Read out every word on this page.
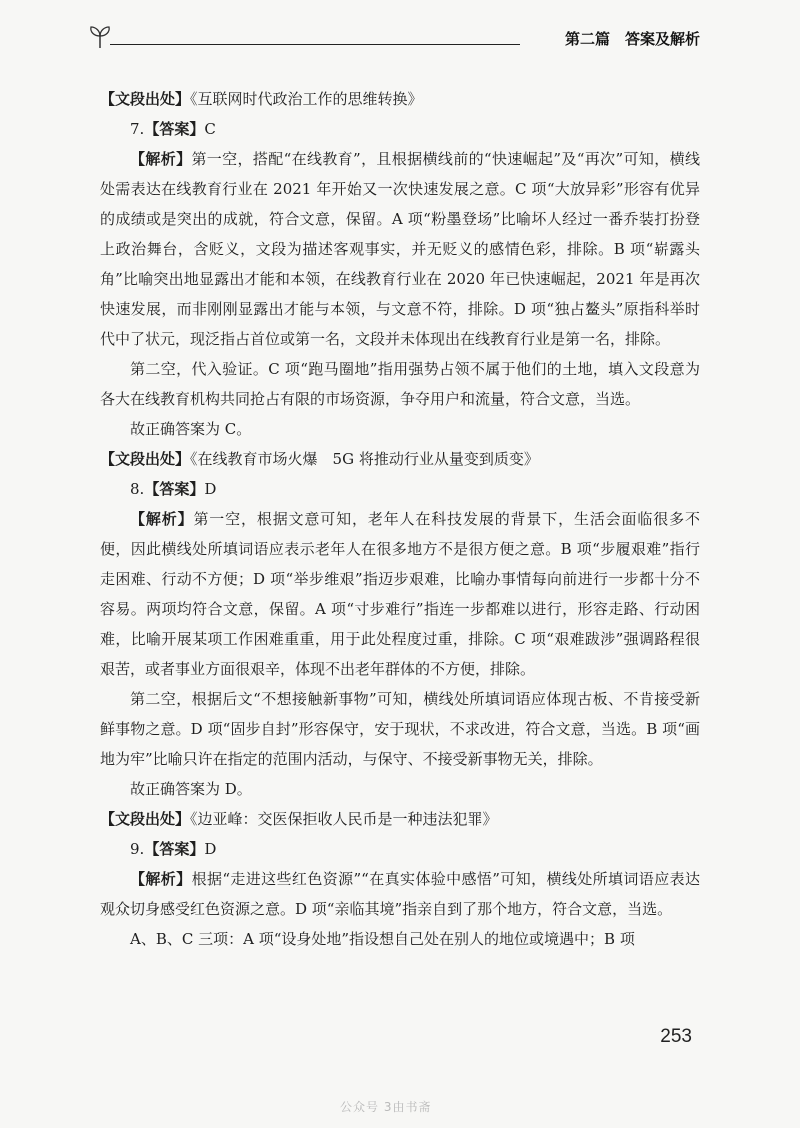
第二篇　答案及解析

【文段出处】《互联网时代政治工作的思维转换》

7.【答案】C

【解析】第一空，搭配“在线教育”，且根据横线前的“快速崛起”及“再次”可知，横线处需表达在线教育行业在 2021 年开始又一次快速发展之意。C 项“大放异彩”形容有优异的成绩或是突出的成就，符合文意，保留。A 项“粉墨登场”比喻坏人经过一番乔装打扮登上政治舞台，含贬义，文段为描述客观事实，并无贬义的感情色彩，排除。B 项“崭露头角”比喻突出地显露出才能和本领，在线教育行业在 2020 年已快速崛起，2021 年是再次快速发展，而非刚刚显露出才能与本领，与文意不符，排除。D 项“独占鳌头”原指科举时代中了状元，现泛指占首位或第一名，文段并未体现出在线教育行业是第一名，排除。

第二空，代入验证。C 项“跑马圈地”指用强势占领不属于他们的土地，填入文段意为各大在线教育机构共同抢占有限的市场资源，争夺用户和流量，符合文意，当选。

故正确答案为 C。

【文段出处】《在线教育市场火爆　5G 将推动行业从量变到质变》

8.【答案】D

【解析】第一空，根据文意可知，老年人在科技发展的背景下，生活会面临很多不便，因此横线处所填词语应表示老年人在很多地方不是很方便之意。B 项“步履艰难”指行走困难、行动不方便；D 项“举步维艰”指迈步艰难，比喻办事情每向前进行一步都十分不容易。两项均符合文意，保留。A 项“寸步难行”指连一步都难以进行，形容走路、行动困难，比喻开展某项工作困难重重，用于此处程度过重，排除。C 项“艰难跋涉”强调路程很艰苦，或者事业方面很艰辛，体现不出老年群体的不方便，排除。

第二空，根据后文“不想接触新事物”可知，横线处所填词语应体现古板、不肯接受新鲜事物之意。D 项“固步自封”形容保守，安于现状，不求改进，符合文意，当选。B 项“画地为牢”比喻只许在指定的范围内活动，与保守、不接受新事物无关，排除。

故正确答案为 D。

【文段出处】《边亚峰：交医保拒收人民币是一种违法犯罪》

9.【答案】D

【解析】根据“走进这些红色资源”“在真实体验中感悟”可知，横线处所填词语应表达观众切身感受红色资源之意。D 项“亲临其境”指亲自到了那个地方，符合文意，当选。

A、B、C 三项：A 项“设身处地”指设想自己处在别人的地位或境遇中；B 项

253
公众号 3由书斋
